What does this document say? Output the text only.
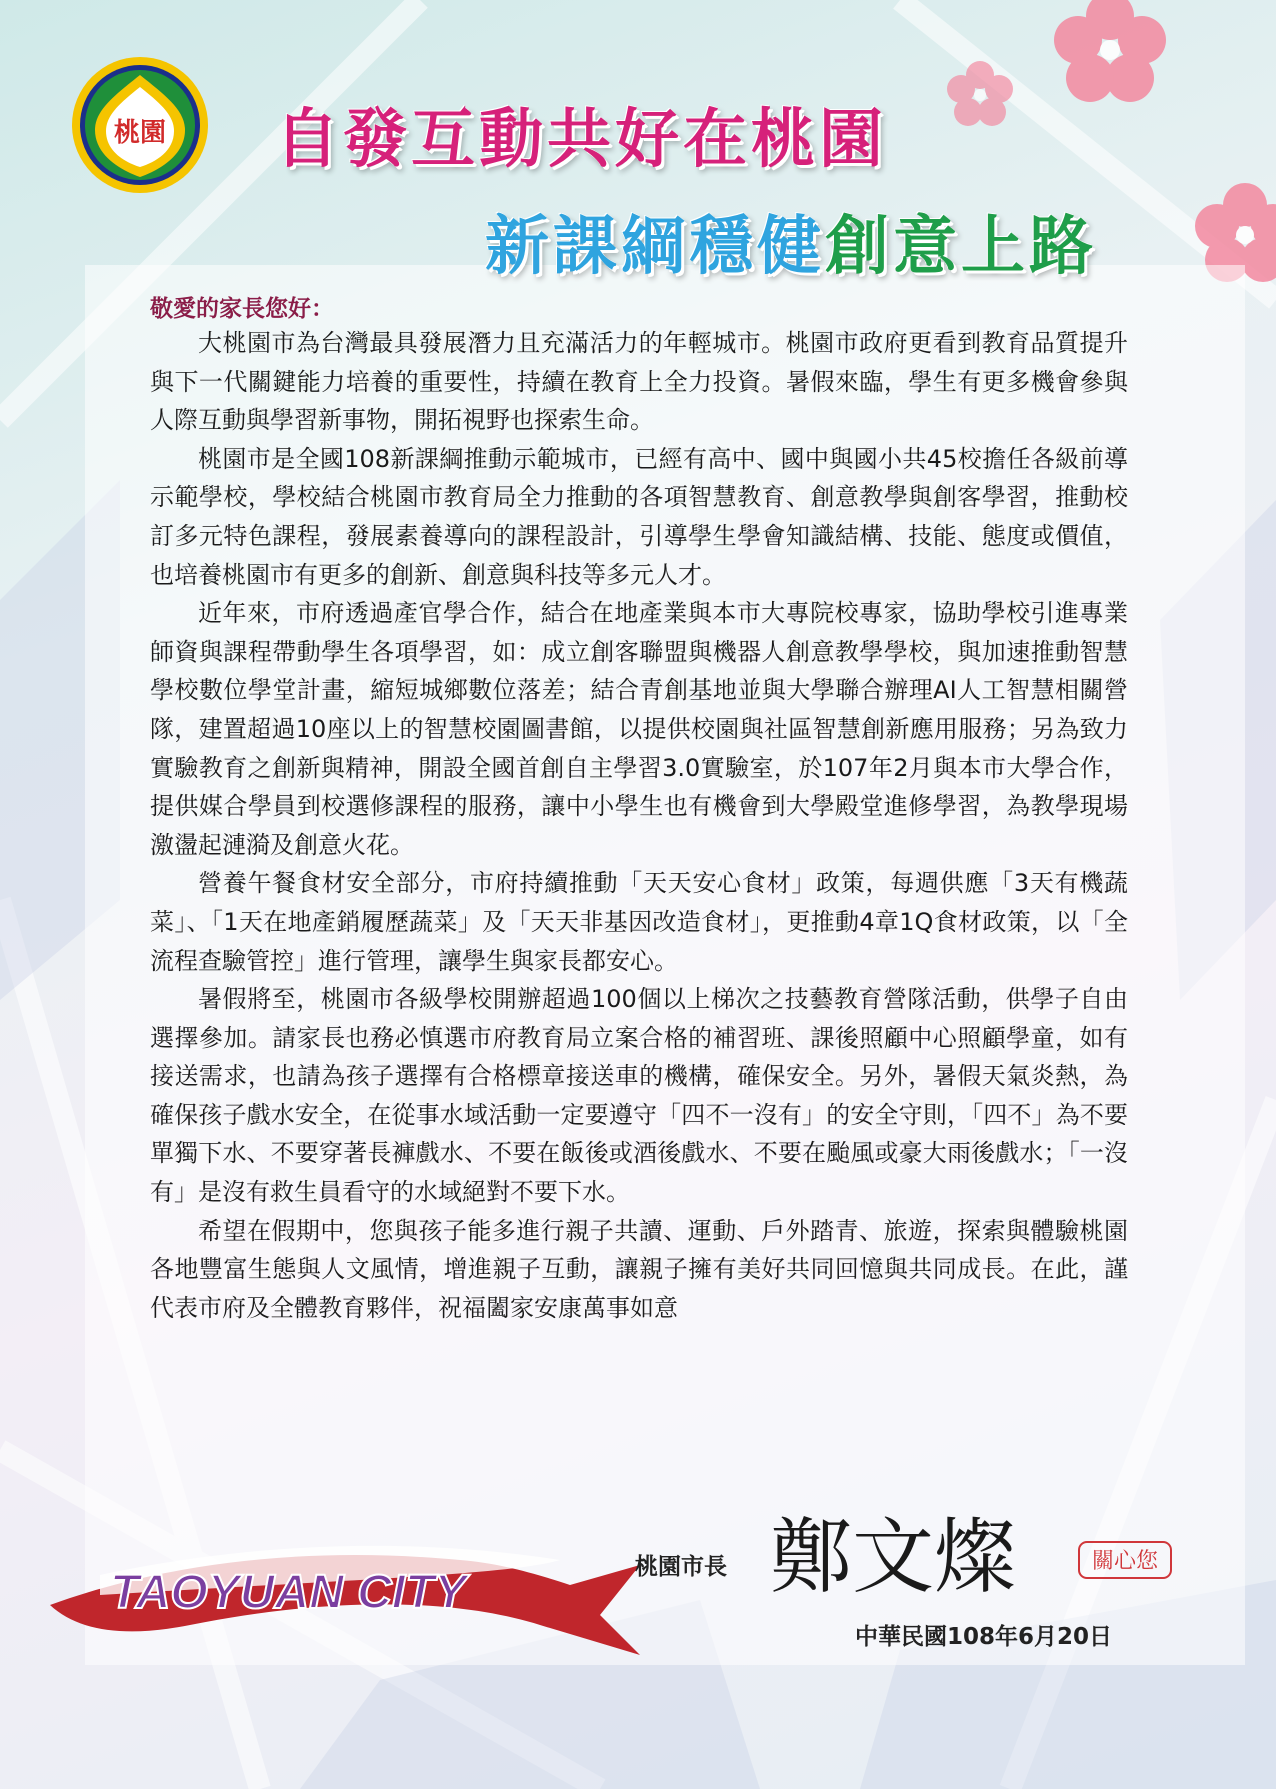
桃園 自發互動共好在桃園
新課綱穩健創意上路
敬愛的家長您好：

大桃園市為台灣最具發展潛力且充滿活力的年輕城市。桃園市政府更看到教育品質提升與下一代關鍵能力培養的重要性，持續在教育上全力投資。暑假來臨，學生有更多機會參與人際互動與學習新事物，開拓視野也探索生命。

桃園市是全國108新課綱推動示範城市，已經有高中、國中與國小共45校擔任各級前導示範學校，學校結合桃園市教育局全力推動的各項智慧教育、創意教學與創客學習，推動校訂多元特色課程，發展素養導向的課程設計，引導學生學會知識結構、技能、態度或價值，也培養桃園市有更多的創新、創意與科技等多元人才。

近年來，市府透過產官學合作，結合在地產業與本市大專院校專家，協助學校引進專業師資與課程帶動學生各項學習，如：成立創客聯盟與機器人創意教學學校，與加速推動智慧學校數位學堂計畫，縮短城鄉數位落差；結合青創基地並與大學聯合辦理AI人工智慧相關營隊，建置超過10座以上的智慧校園圖書館，以提供校園與社區智慧創新應用服務；另為致力實驗教育之創新與精神，開設全國首創自主學習3.0實驗室，於107年2月與本市大學合作，提供媒合學員到校選修課程的服務，讓中小學生也有機會到大學殿堂進修學習，為教學現場激盪起漣漪及創意火花。

營養午餐食材安全部分，市府持續推動「天天安心食材」政策，每週供應「3天有機蔬菜」、「1天在地產銷履歷蔬菜」及「天天非基因改造食材」，更推動4章1Q食材政策，以「全流程查驗管控」進行管理，讓學生與家長都安心。

暑假將至，桃園市各級學校開辦超過100個以上梯次之技藝教育營隊活動，供學子自由選擇參加。請家長也務必慎選市府教育局立案合格的補習班、課後照顧中心照顧學童，如有接送需求，也請為孩子選擇有合格標章接送車的機構，確保安全。另外，暑假天氣炎熱，為確保孩子戲水安全，在從事水域活動一定要遵守「四不一沒有」的安全守則，「四不」為不要單獨下水、不要穿著長褲戲水、不要在飯後或酒後戲水、不要在颱風或豪大雨後戲水；「一沒有」是沒有救生員看守的水域絕對不要下水。

希望在假期中，您與孩子能多進行親子共讀、運動、戶外踏青、旅遊，探索與體驗桃園各地豐富生態與人文風情，增進親子互動，讓親子擁有美好共同回憶與共同成長。在此，謹代表市府及全體教育夥伴，祝福闔家安康萬事如意

TAOYUAN CITY	桃園市長 鄭文燦	關心您
中華民國108年6月20日
